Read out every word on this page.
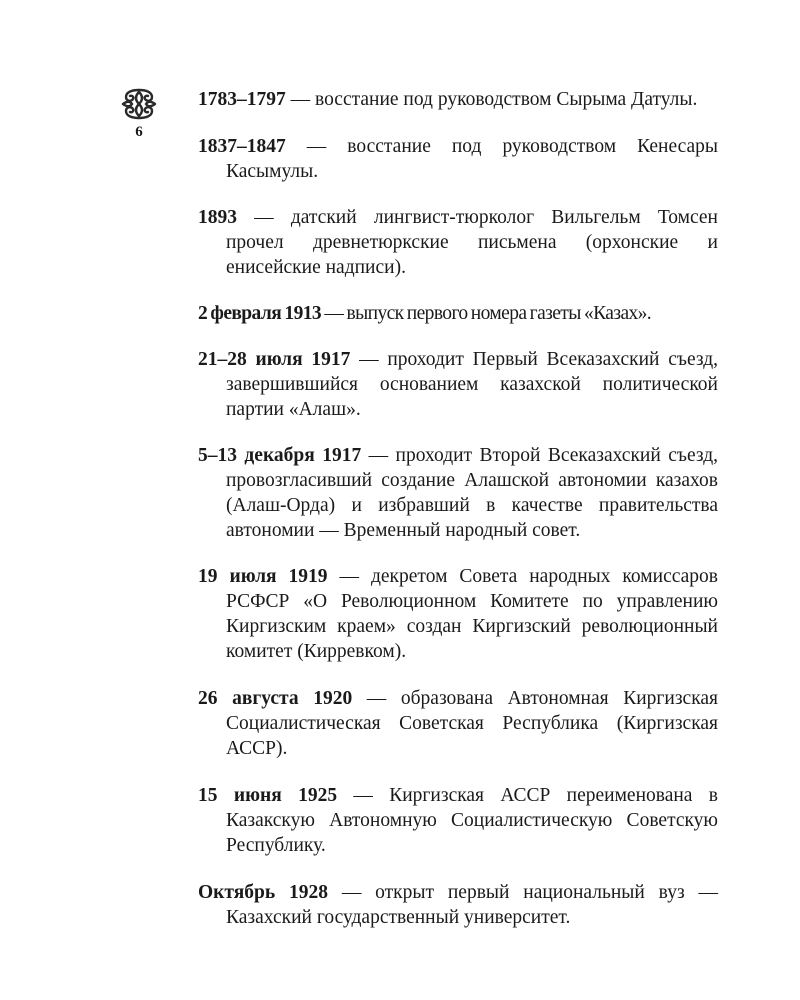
6

1783–1797 — восстание под руководством Сырыма Датулы.

1837–1847 — восстание под руководством Кенесары Касымулы.

1893 — датский лингвист-тюрколог Вильгельм Томсен прочел древнетюркские письмена (орхонские и енисейские надписи).

2 февраля 1913 — выпуск первого номера газеты «Казах».

21–28 июля 1917 — проходит Первый Всеказахский съезд, завершившийся основанием казахской политической партии «Алаш».

5–13 декабря 1917 — проходит Второй Всеказахский съезд, провозгласивший создание Алашской автономии казахов (Алаш-Орда) и избравший в качестве правительства автономии — Временный народный совет.

19 июля 1919 — декретом Совета народных комиссаров РСФСР «О Революционном Комитете по управлению Киргизским краем» создан Киргизский революционный комитет (Кирревком).

26 августа 1920 — образована Автономная Киргизская Социалистическая Советская Республика (Киргизская АССР).

15 июня 1925 — Киргизская АССР переименована в Казакскую Автономную Социалистическую Советскую Республику.

Октябрь 1928 — открыт первый национальный вуз — Казахский государственный университет.
